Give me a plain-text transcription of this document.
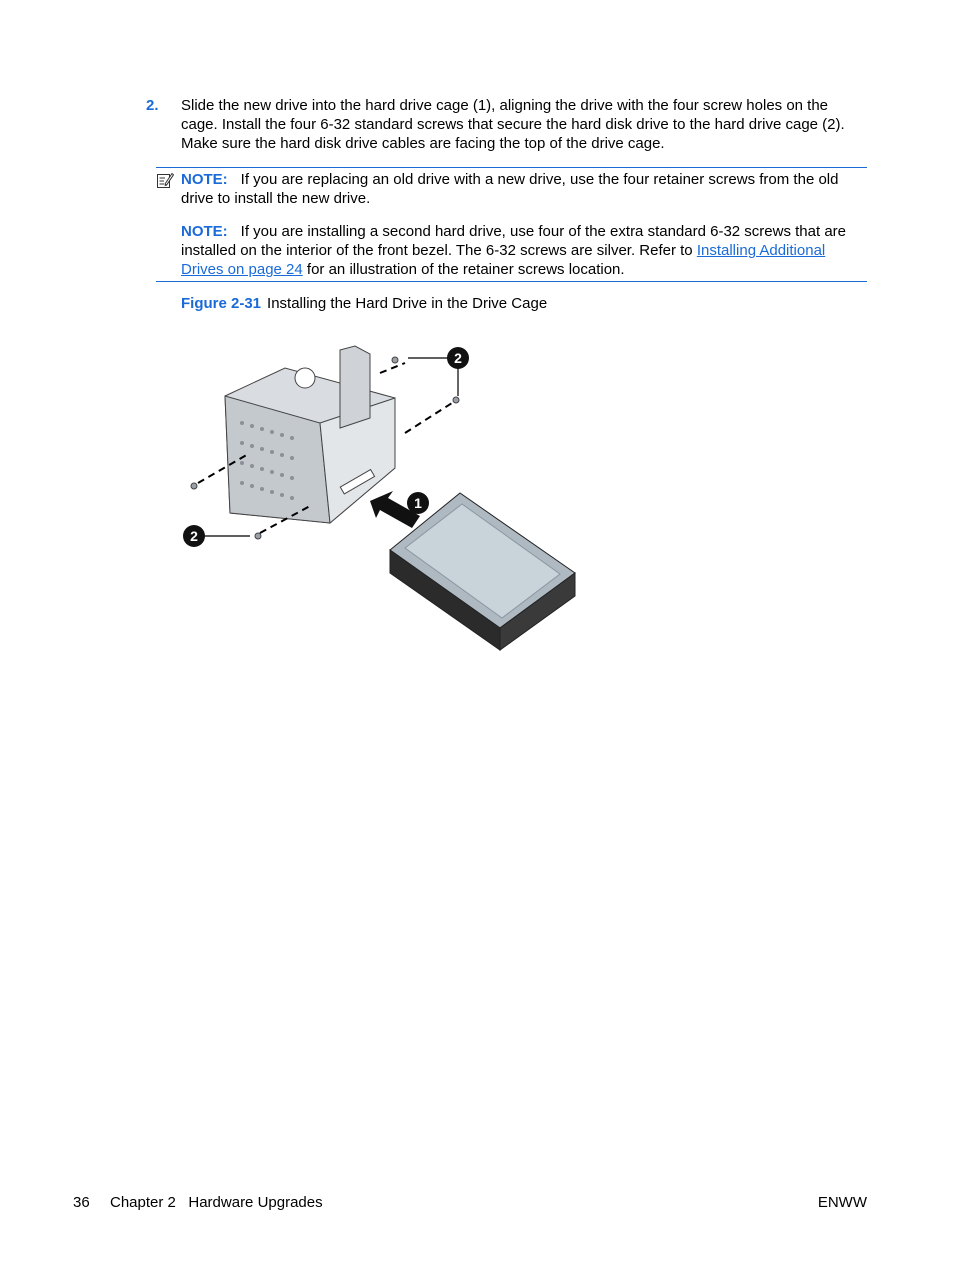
2. Slide the new drive into the hard drive cage (1), aligning the drive with the four screw holes on the cage. Install the four 6-32 standard screws that secure the hard disk drive to the hard drive cage (2). Make sure the hard disk drive cables are facing the top of the drive cage.
NOTE: If you are replacing an old drive with a new drive, use the four retainer screws from the old drive to install the new drive.
NOTE: If you are installing a second hard drive, use four of the extra standard 6-32 screws that are installed on the interior of the front bezel. The 6-32 screws are silver. Refer to Installing Additional Drives on page 24 for an illustration of the retainer screws location.
Figure 2-31 Installing the Hard Drive in the Drive Cage
1
2
2
36 Chapter 2   Hardware Upgrades	ENWW
